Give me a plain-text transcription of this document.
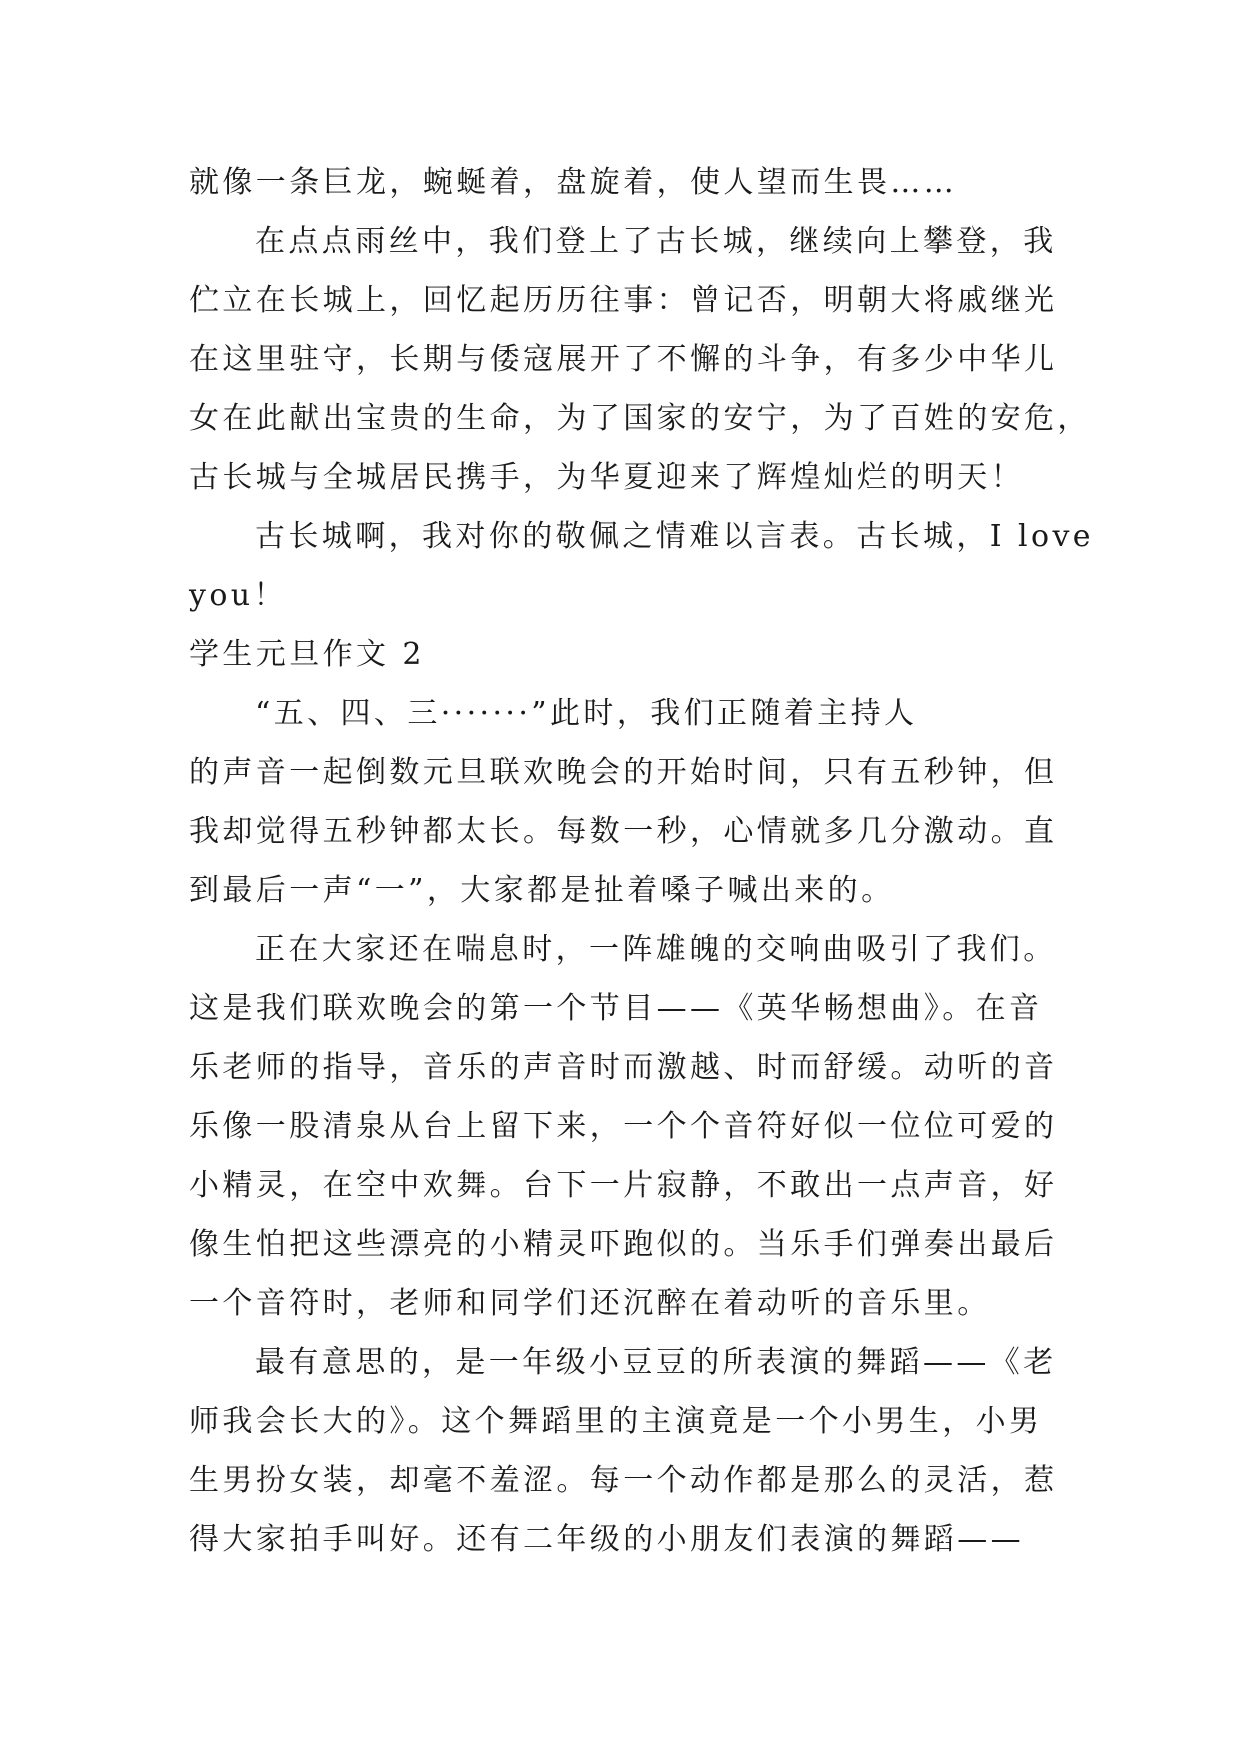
就像一条巨龙，蜿蜒着，盘旋着，使人望而生畏……
在点点雨丝中，我们登上了古长城，继续向上攀登，我
伫立在长城上，回忆起历历往事：曾记否，明朝大将戚继光
在这里驻守，长期与倭寇展开了不懈的斗争，有多少中华儿
女在此献出宝贵的生命，为了国家的安宁，为了百姓的安危，
古长城与全城居民携手，为华夏迎来了辉煌灿烂的明天！
古长城啊，我对你的敬佩之情难以言表。古长城，I love
you！
学生元旦作文 2
“五、四、三·······”此时，我们正随着主持人
的声音一起倒数元旦联欢晚会的开始时间，只有五秒钟，但
我却觉得五秒钟都太长。每数一秒，心情就多几分激动。直
到最后一声“一”，大家都是扯着嗓子喊出来的。
正在大家还在喘息时，一阵雄魄的交响曲吸引了我们。
这是我们联欢晚会的第一个节目——《英华畅想曲》。在音
乐老师的指导，音乐的声音时而激越、时而舒缓。动听的音
乐像一股清泉从台上留下来，一个个音符好似一位位可爱的
小精灵，在空中欢舞。台下一片寂静，不敢出一点声音，好
像生怕把这些漂亮的小精灵吓跑似的。当乐手们弹奏出最后
一个音符时，老师和同学们还沉醉在着动听的音乐里。
最有意思的，是一年级小豆豆的所表演的舞蹈——《老
师我会长大的》。这个舞蹈里的主演竟是一个小男生，小男
生男扮女装，却毫不羞涩。每一个动作都是那么的灵活，惹
得大家拍手叫好。还有二年级的小朋友们表演的舞蹈——
